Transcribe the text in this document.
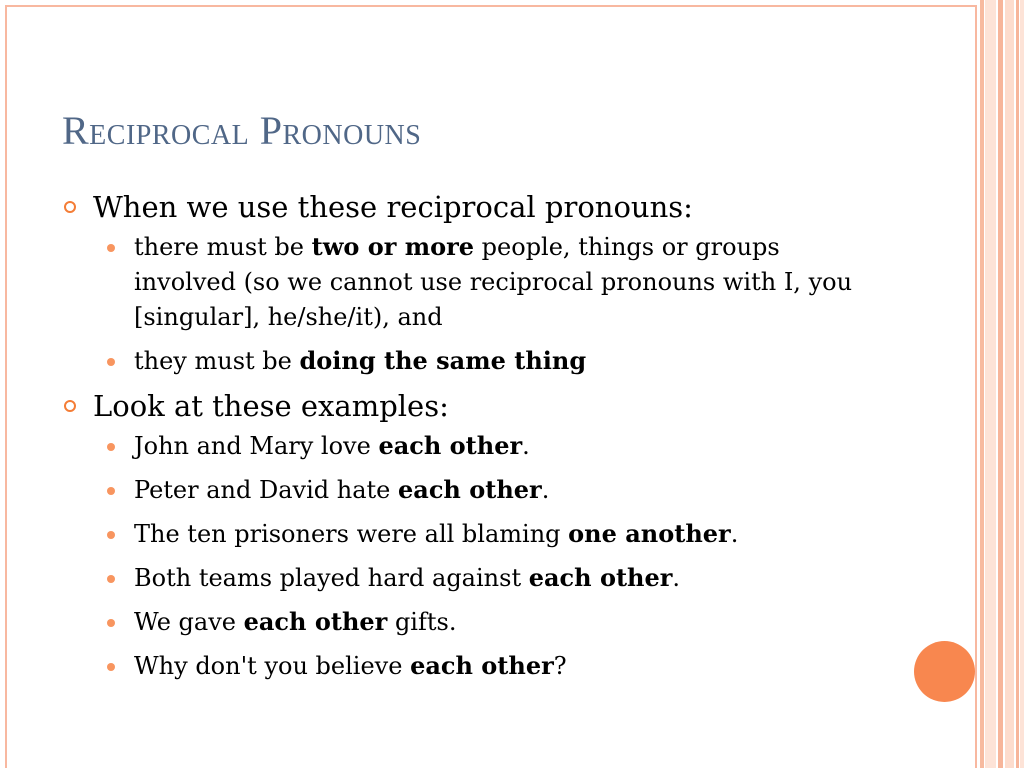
Reciprocal Pronouns
When we use these reciprocal pronouns:
there must be two or more people, things or groups involved (so we cannot use reciprocal pronouns with I, you [singular], he/she/it), and
they must be doing the same thing
Look at these examples:
John and Mary love each other.
Peter and David hate each other.
The ten prisoners were all blaming one another.
Both teams played hard against each other.
We gave each other gifts.
Why don't you believe each other?
